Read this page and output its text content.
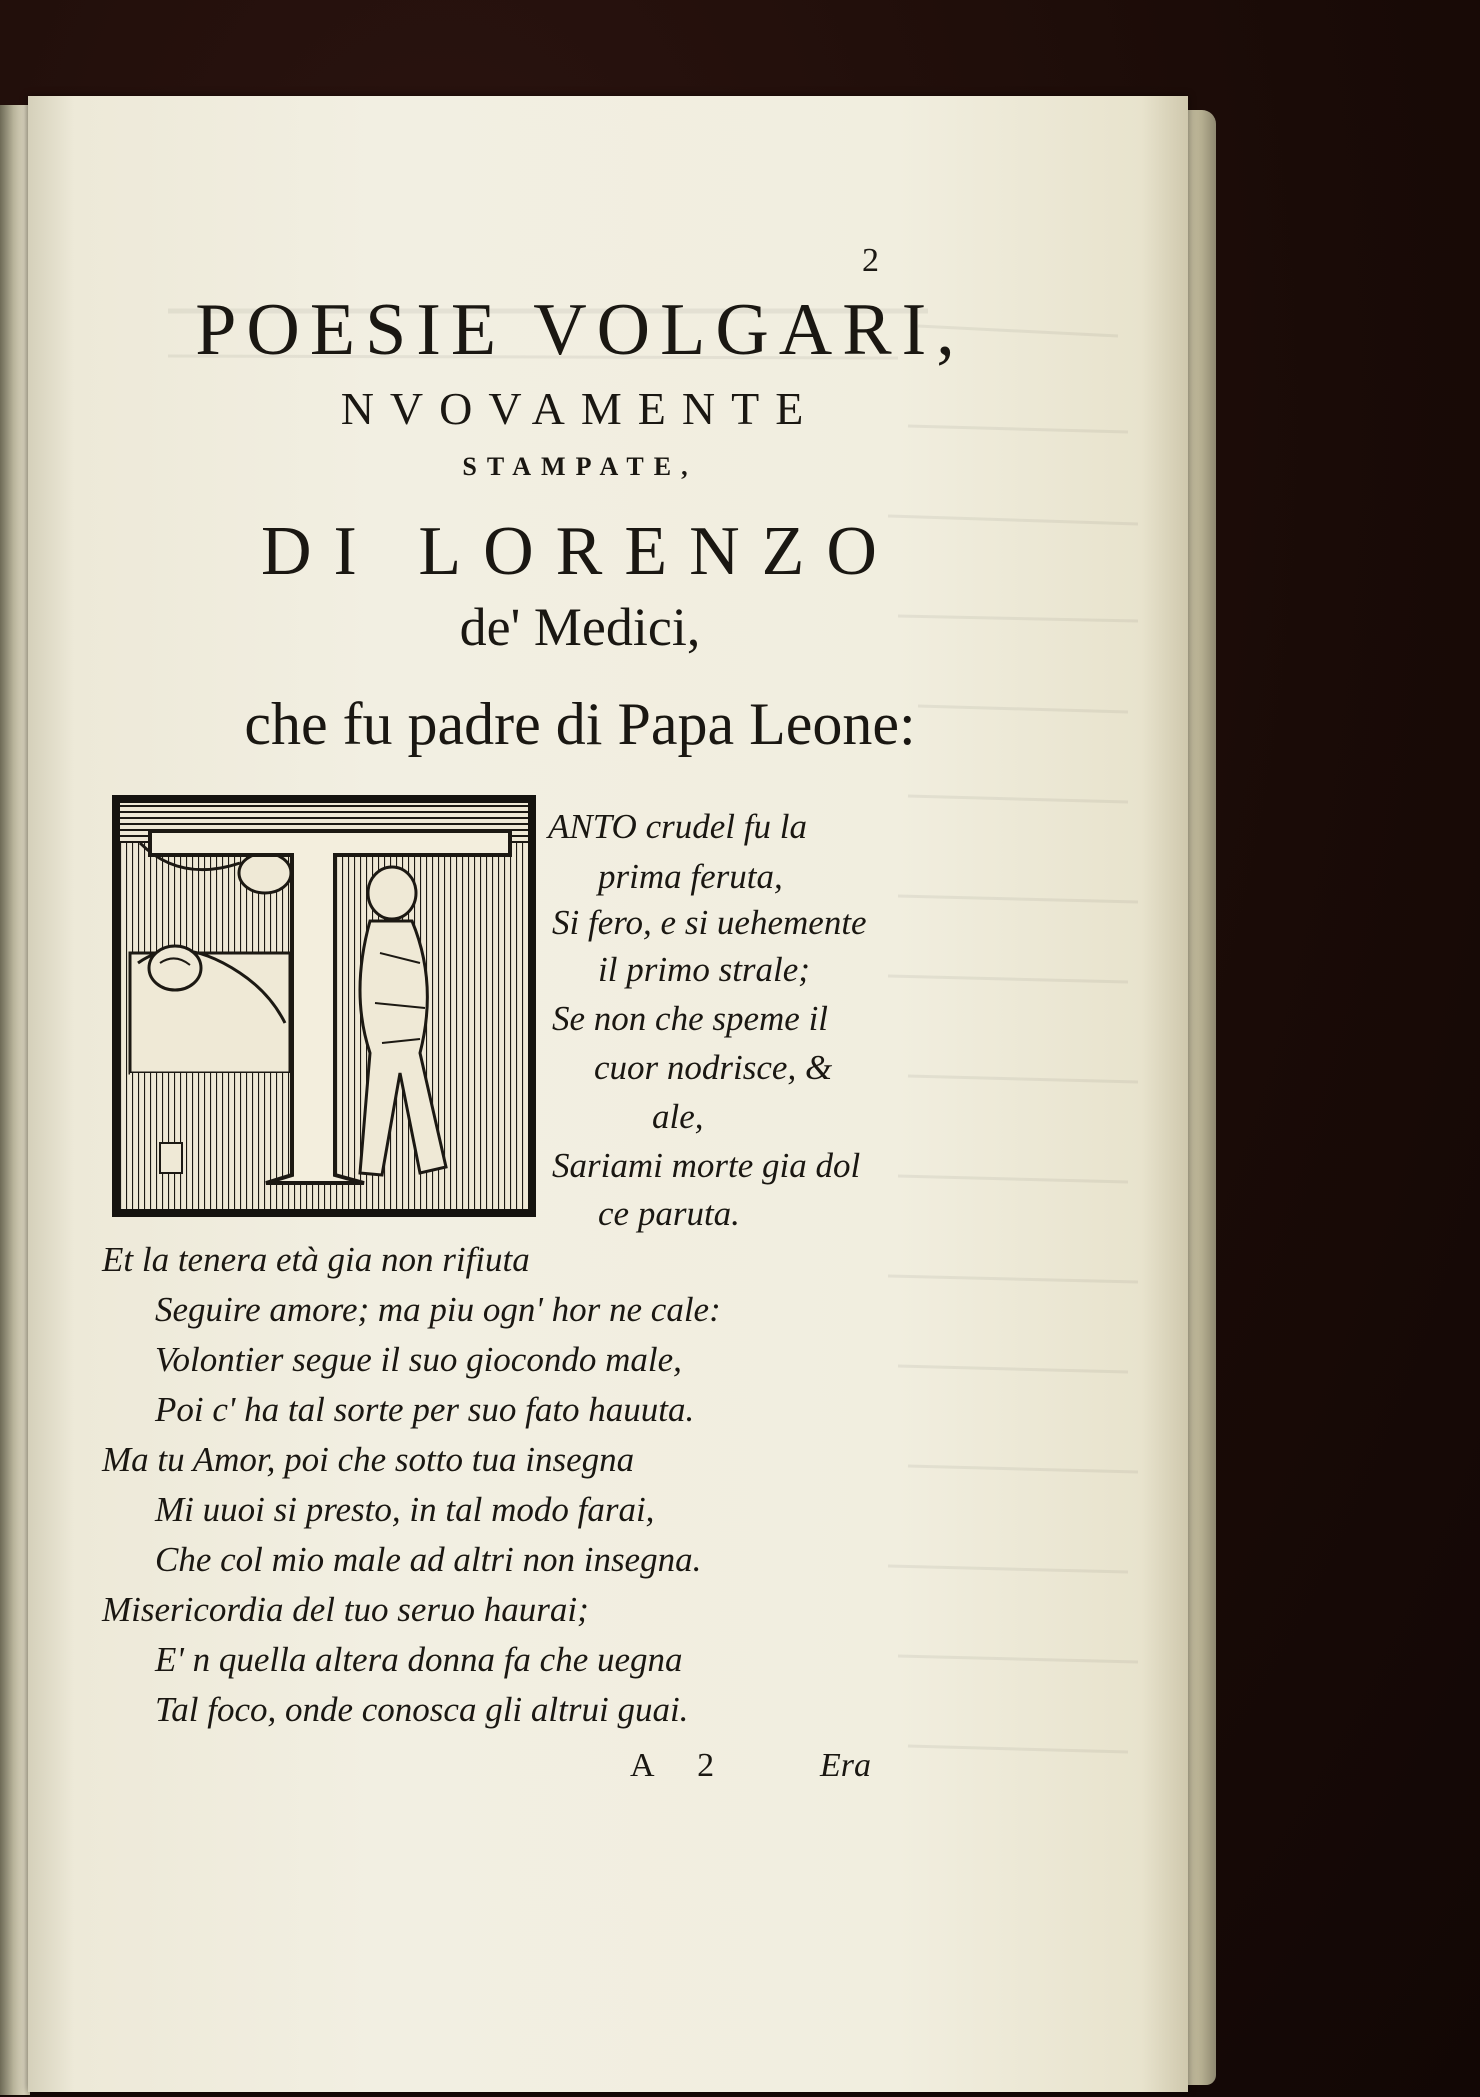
2
POESIE VOLGARI,
NVOVAMENTE
STAMPATE,
DI LORENZO
de' Medici,
che fu padre di Papa Leone:
ANTO crudel fu la
prima feruta,
Si fero, e si uehemente
il primo strale;
Se non che speme il
cuor nodrisce, &
ale,
Sariami morte gia dol
ce paruta.
Et la tenera età gia non rifiuta
Seguire amore; ma piu ogn' hor ne cale:
Volontier segue il suo giocondo male,
Poi c' ha tal sorte per suo fato hauuta.
Ma tu Amor, poi che sotto tua insegna
Mi uuoi si presto, in tal modo farai,
Che col mio male ad altri non insegna.
Misericordia del tuo seruo haurai;
E' n quella altera donna fa che uegna
Tal foco, onde conosca gli altrui guai.
A 2	Era
